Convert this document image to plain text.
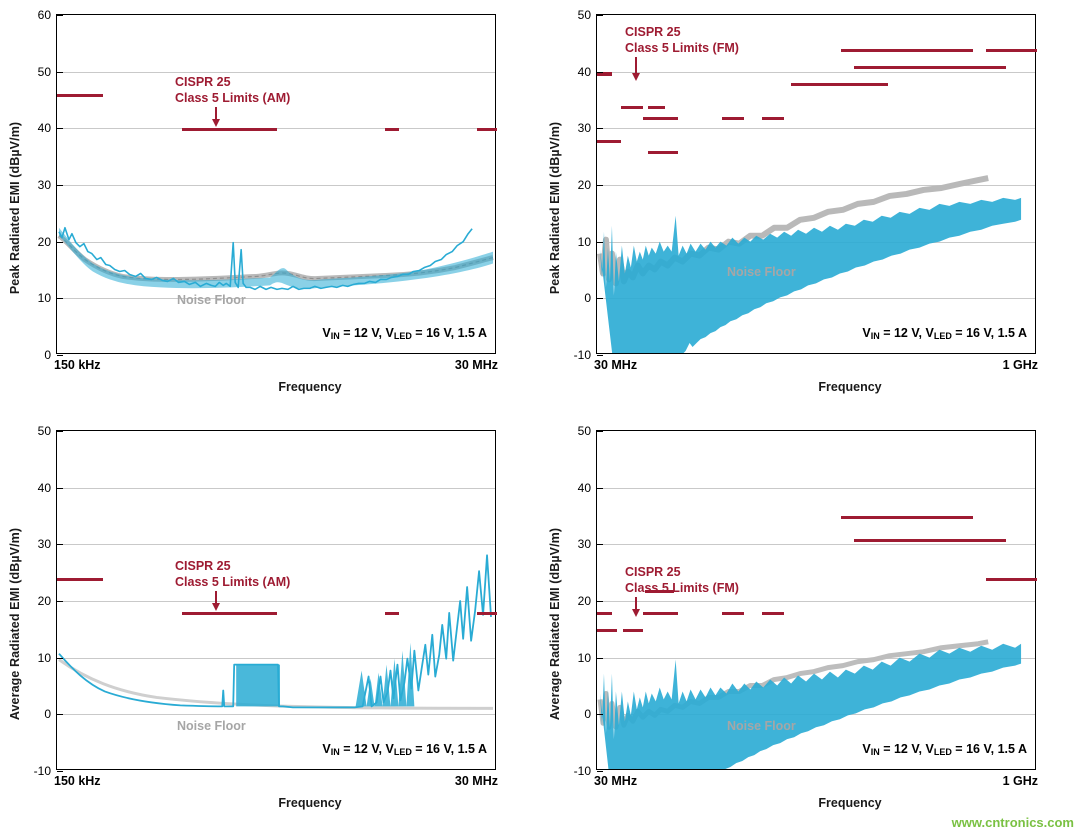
Peak Radiated EMI (dBµV/m)
CISPR 25
Class 5 Limits (AM)
Noise Floor
$V_{IN} = 12$ V, $V_{LED} = 16$ V, 1.5 A
0
10
20
30
40
50
60
150 kHz	30 MHz
Frequency
Peak Radiated EMI (dBµV/m)
CISPR 25
Class 5 Limits (FM)
Noise Floor
$V_{IN} = 12$ V, $V_{LED} = 16$ V, 1.5 A
-10
0
10
20
30
40
50
30 MHz	1 GHz
Frequency
Average Radiated EMI (dBµV/m)	CISPR 25
Class 5 Limits (AM)
Noise Floor
$V_{IN} = 12$ V, $V_{LED} = 16$ V, 1.5 A
-10
0
10
20
30
40
50
150 kHz	30 MHz
Frequency
Average Radiated EMI (dBµV/m)	CISPR 25
Class 5 Limits (FM)
Noise Floor
$V_{IN} = 12$ V, $V_{LED} = 16$ V, 1.5 A
-10
0
10
20
30
40
50
30 MHz	1 GHz
Frequency
www.cntronics.com
